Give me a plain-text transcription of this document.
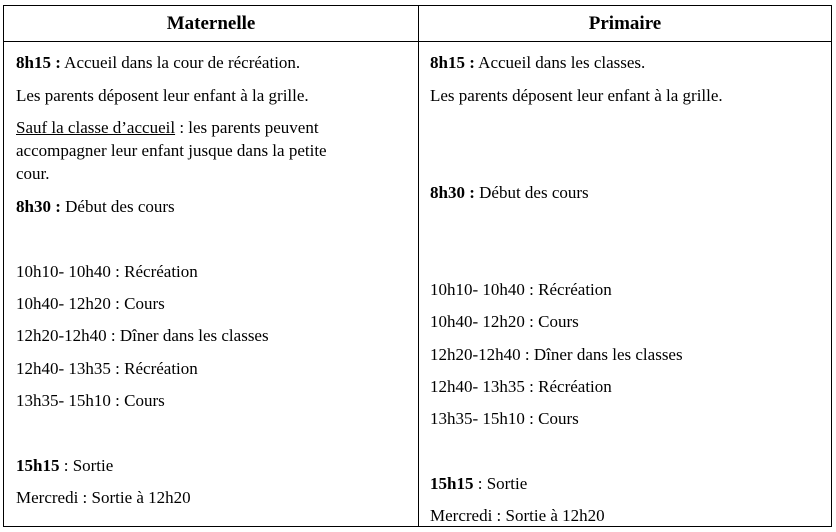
Maternelle	Primaire
8h15 : Accueil dans la cour de récréation.
Les parents déposent leur enfant à la grille.
Sauf la classe d’accueil : les parents peuvent
accompagner leur enfant jusque dans la petite
cour.
8h30 : Début des cours
10h10- 10h40 : Récréation
10h40- 12h20 : Cours
12h20-12h40 : Dîner dans les classes
12h40- 13h35 : Récréation
13h35- 15h10 : Cours
15h15 : Sortie
Mercredi : Sortie à 12h20
8h15 : Accueil dans les classes.
Les parents déposent leur enfant à la grille.
8h30 : Début des cours
10h10- 10h40 : Récréation
10h40- 12h20 : Cours
12h20-12h40 : Dîner dans les classes
12h40- 13h35 : Récréation
13h35- 15h10 : Cours
15h15 : Sortie
Mercredi : Sortie à 12h20
